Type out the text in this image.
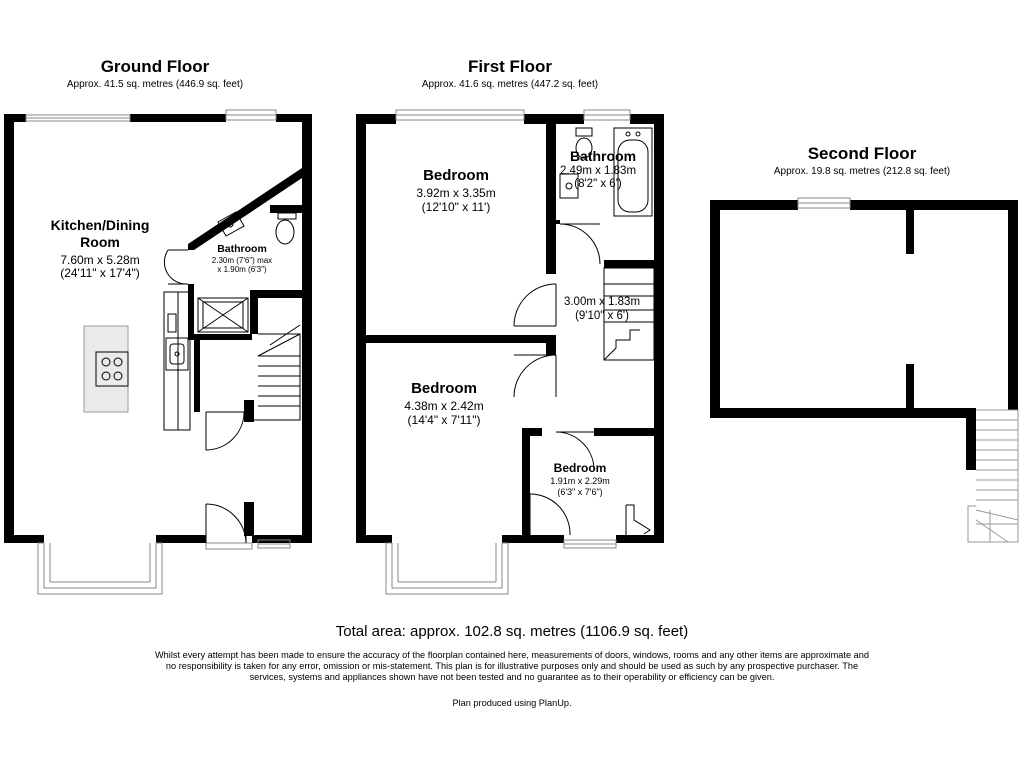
Ground Floor
Approx. 41.5 sq. metres (446.9 sq. feet)
Kitchen/Dining
Room
7.60m x 5.28m
(24'11" x 17'4")
Bathroom
2.30m (7'6") max
x 1.90m (6'3")
First Floor
Approx. 41.6 sq. metres (447.2 sq. feet)
Bedroom
3.92m x 3.35m
(12'10" x 11')
Bathroom
2.49m x 1.83m
(8'2" x 6')
3.00m x 1.83m
(9'10" x 6')
Bedroom
4.38m x 2.42m
(14'4" x 7'11")
Bedroom
1.91m x 2.29m
(6'3" x 7'6")
Second Floor
Approx. 19.8 sq. metres (212.8 sq. feet)
Total area: approx. 102.8 sq. metres (1106.9 sq. feet)
Whilst every attempt has been made to ensure the accuracy of the floorplan contained here, measurements of doors, windows, rooms and any other items are approximate and no responsibility is taken for any error, omission or mis-statement. This plan is for illustrative purposes only and should be used as such by any prospective purchaser. The services, systems and appliances shown have not been tested and no guarantee as to their operability or efficiency can be given.
Plan produced using PlanUp.
